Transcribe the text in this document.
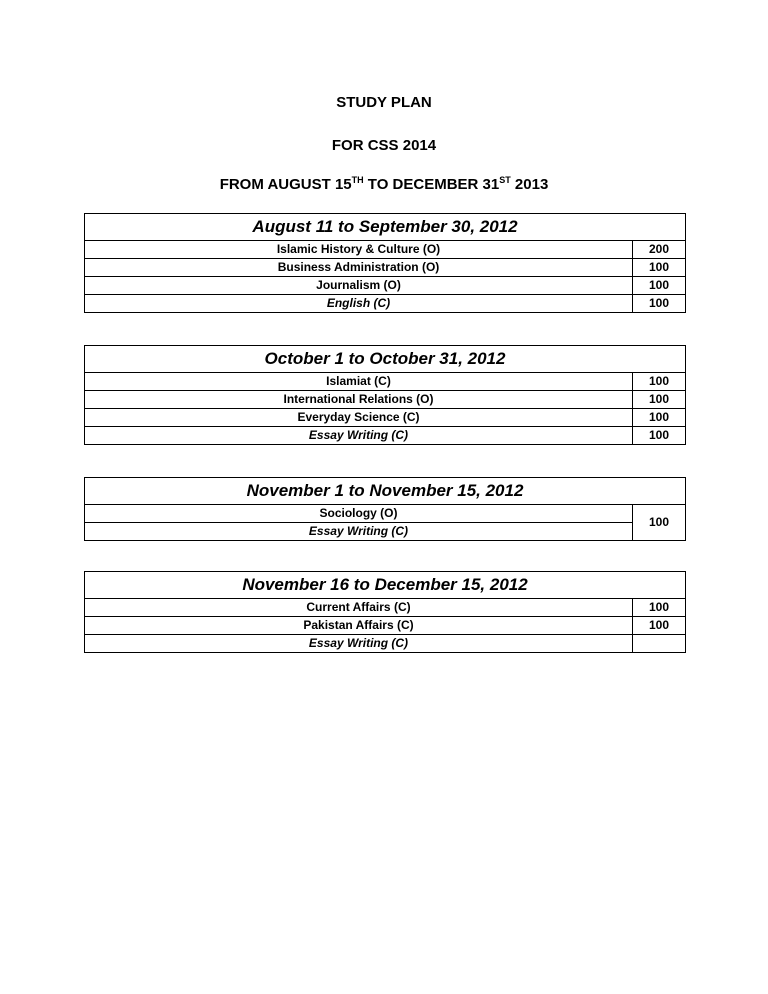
STUDY PLAN
FOR CSS 2014
FROM AUGUST 15TH TO DECEMBER 31ST 2013
August 11 to September 30, 2012	
Islamic History & Culture (O)	200
Business Administration (O)	100
Journalism (O)	100
English (C)	100
October 1 to October 31, 2012	
Islamiat (C)	100
International Relations (O)	100
Everyday Science (C)	100
Essay Writing (C)	100
November 1 to November 15, 2012
Sociology (O)	100
Essay Writing (C)
November 16 to December 15, 2012	
Current Affairs (C)	100
Pakistan Affairs (C)	100
Essay Writing (C)	
